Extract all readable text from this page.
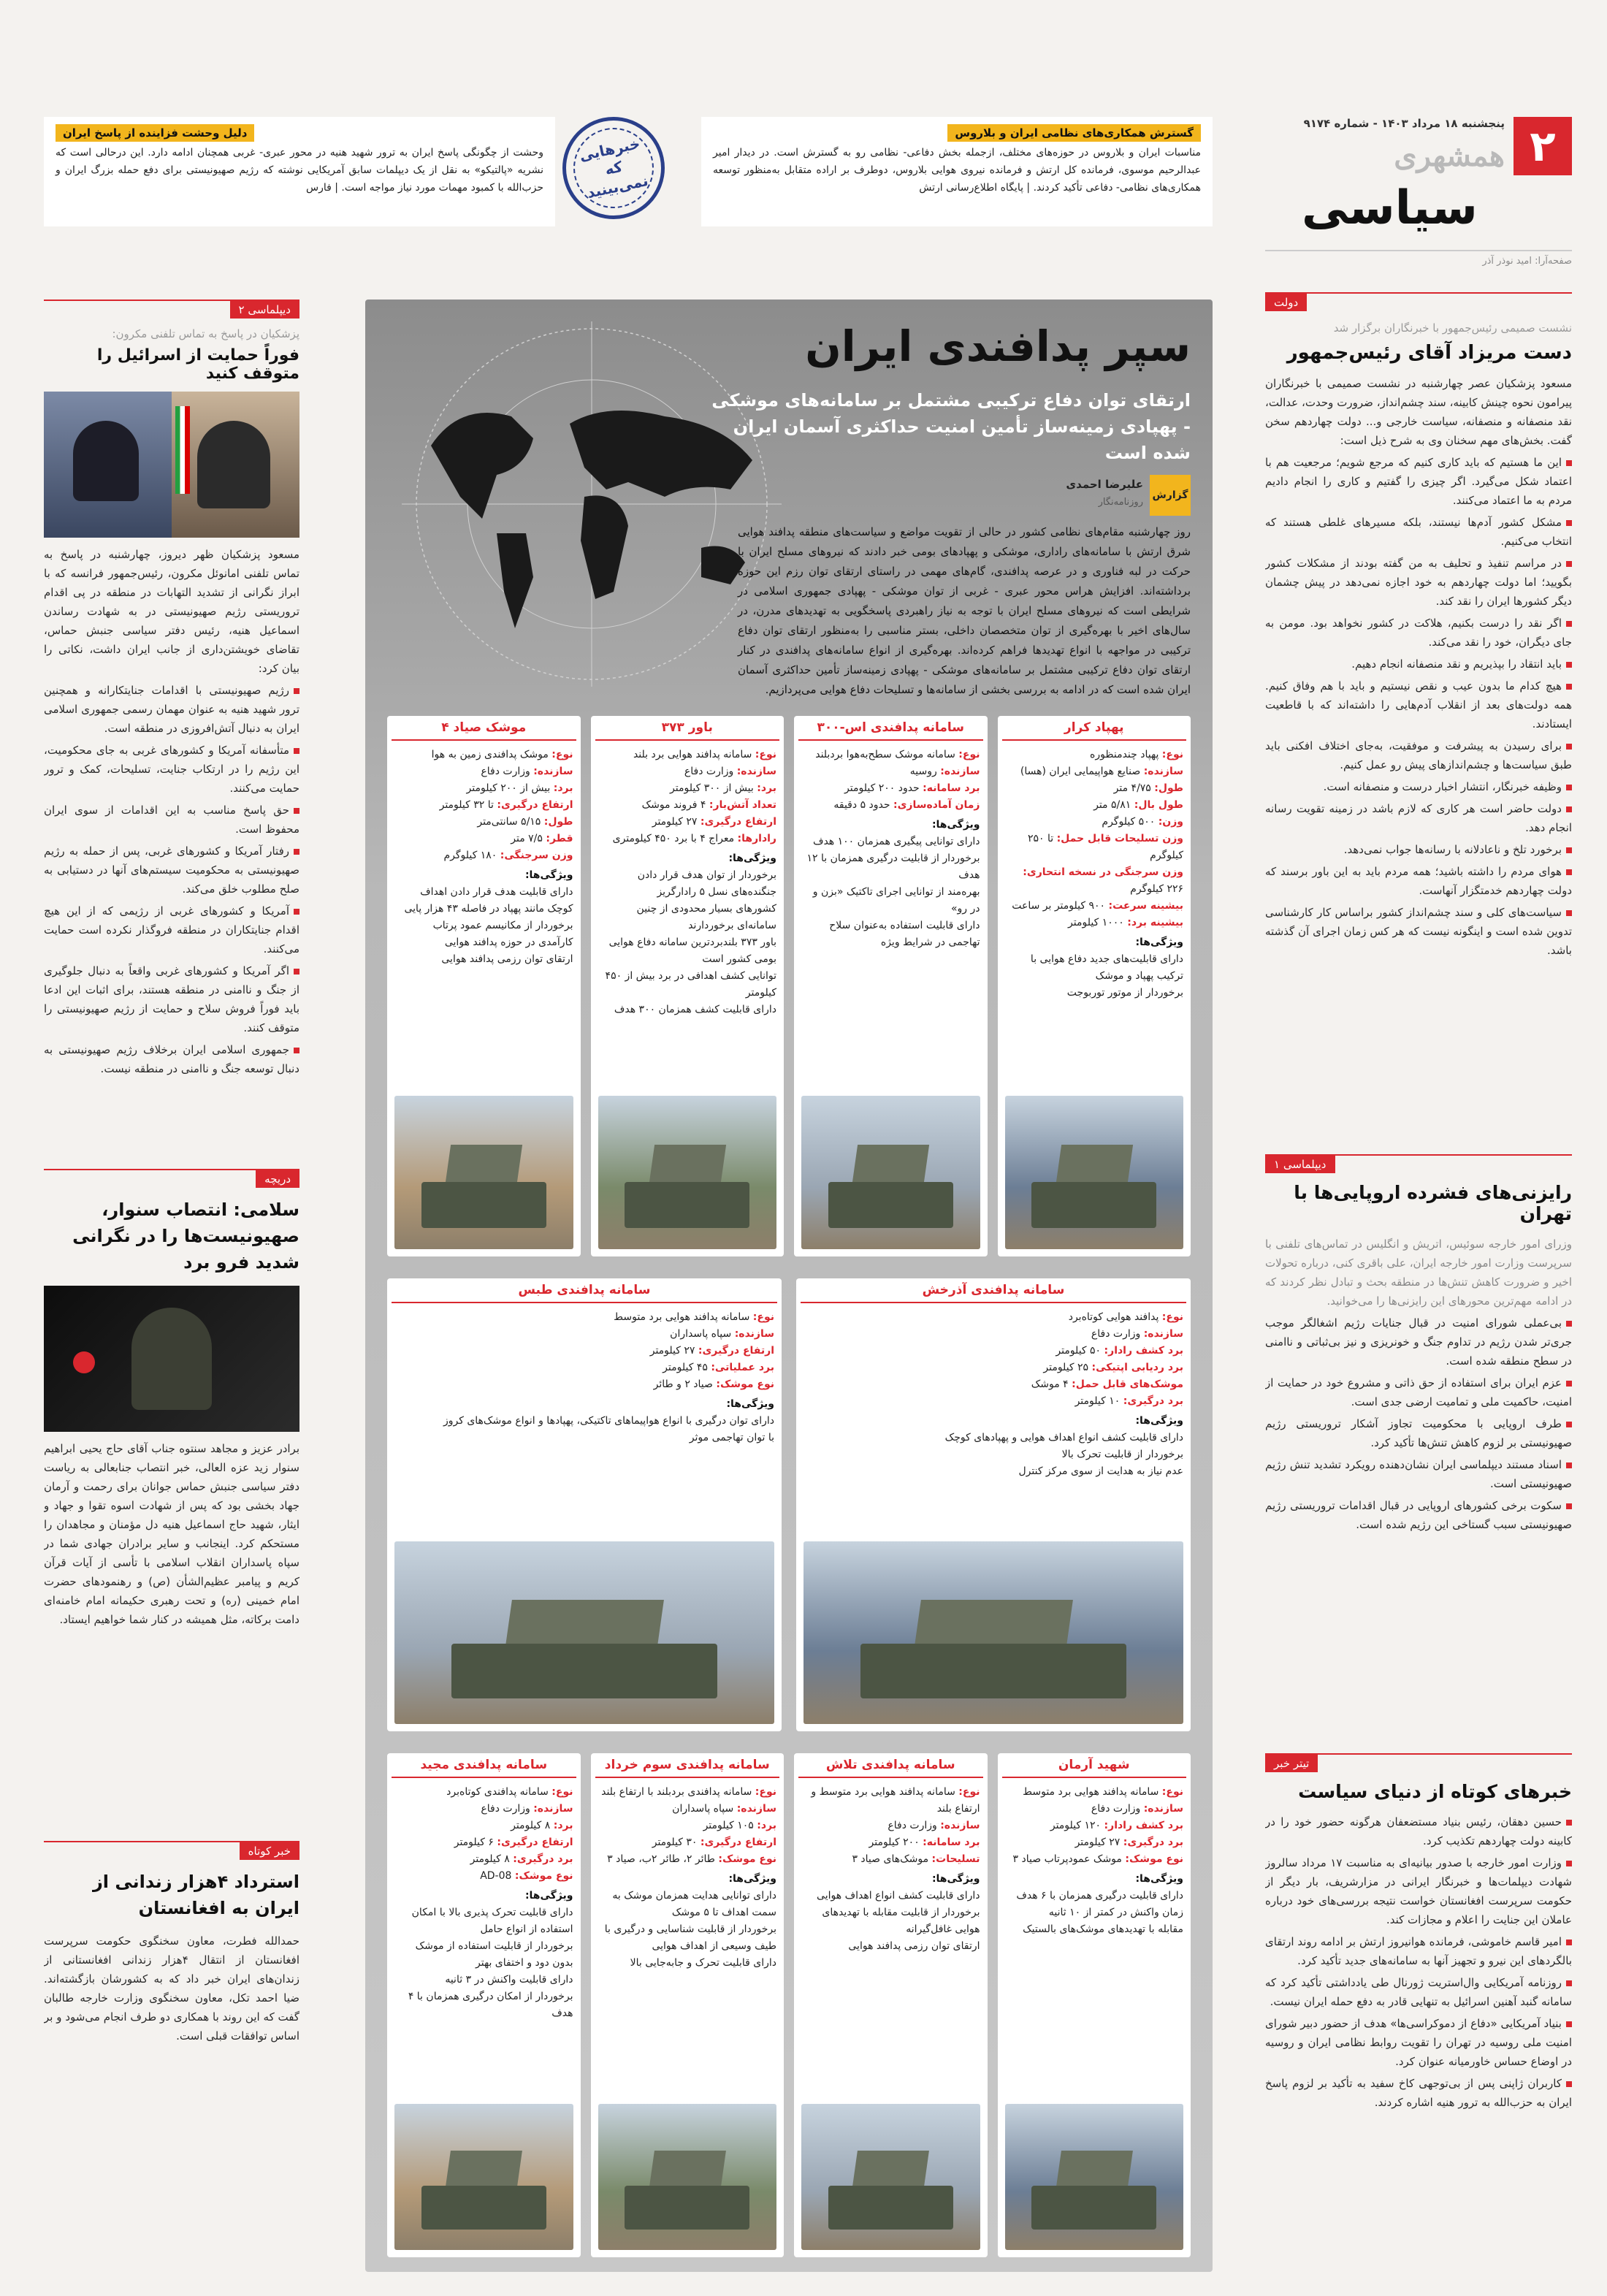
۲
پنجشنبه ۱۸ مرداد ۱۴۰۳ - شماره ۹۱۷۴
همشهری
سیاسی
صفحه‌آرا: امید نوذر آذر
گسترش همکاری‌های نظامی ایران و بلاروس
مناسبات ایران و بلاروس در حوزه‌های مختلف، ازجمله بخش دفاعی- نظامی رو به گسترش است. در دیدار امیر عبدالرحیم موسوی، فرمانده کل ارتش و فرمانده نیروی هوایی بلاروس، دوطرف بر اراده متقابل به‌منظور توسعه همکاری‌های نظامی- دفاعی تأکید کردند. | پایگاه اطلاع‌رسانی ارتش
خبرهایی که نمی‌بینید
دلیل وحشت فزاینده از پاسخ ایران
وحشت از چگونگی پاسخ ایران به ترور شهید هنیه در محور عبری- غربی همچنان ادامه دارد. این درحالی است که نشریه «پالتیکو» به نقل از یک دیپلمات سابق آمریکایی نوشته که رژیم صهیونیستی برای دفع حمله بزرگ ایران و حزب‌الله با کمبود مهمات مورد نیاز مواجه است. | فارس
دولت
نشست صمیمی رئیس‌جمهور با خبرنگاران برگزار شد
دست مریزاد آقای رئیس‌جمهور
مسعود پزشکیان عصر چهارشنبه در نشست صمیمی با خبرنگاران پیرامون نحوه چینش کابینه، سند چشم‌انداز، ضرورت وحدت، عدالت، نقد منصفانه و منصفانه، سیاست خارجی و... دولت چهاردهم سخن گفت. بخش‌های مهم سخنان وی به شرح ذیل است:
این ما هستیم که باید کاری کنیم که مرجع شویم؛ مرجعیت هم با اعتماد شکل می‌گیرد. اگر چیزی را گفتیم و کاری را انجام دادیم مردم به ما اعتماد می‌کنند.
مشکل کشور آدم‌ها نیستند، بلکه مسیرهای غلطی هستند که انتخاب می‌کنیم.
در مراسم تنفیذ و تحلیف به من گفته بودند از مشکلات کشور بگویید؛ اما دولت چهاردهم به خود اجازه نمی‌دهد در پیش چشمان دیگر کشورها ایران را نقد کند.
اگر نقد را درست بکنیم، هلاکت در کشور نخواهد بود. مومن به جای دیگران، خود را نقد می‌کند.
باید انتقاد را بپذیریم و نقد منصفانه انجام دهیم.
هیچ کدام ما بدون عیب و نقص نیستیم و باید با هم وفاق کنیم. همه دولت‌های بعد از انقلاب آدم‌هایی را داشته‌اند که با قاطعیت ایستادند.
برای رسیدن به پیشرفت و موفقیت، به‌جای اختلاف افکنی باید طبق سیاست‌ها و چشم‌اندازهای پیش رو عمل کنیم.
وظیفه خبرنگار، انتشار اخبار درست و منصفانه است.
دولت حاضر است هر کاری که لازم باشد در زمینه تقویت رسانه انجام دهد.
برخورد تلخ و ناعادلانه با رسانه‌ها جواب نمی‌دهد.
هوای مردم را داشته باشید؛ همه مردم باید به این باور برسند که دولت چهاردهم خدمتگزار آنهاست.
سیاست‌های کلی و سند چشم‌انداز کشور براساس کار کارشناسی تدوین شده است و اینگونه نیست که هر کس زمان اجرای آن گذشته باشد.
دیپلماسی ۱
رایزنی‌های فشرده اروپایی‌ها با تهران
وزرای امور خارجه سوئیس، اتریش و انگلیس در تماس‌های تلفنی با سرپرست وزارت امور خارجه ایران، علی باقری کنی، درباره تحولات اخیر و ضرورت کاهش تنش‌ها در منطقه بحث و تبادل نظر کردند که در ادامه مهم‌ترین محورهای این رایزنی‌ها را می‌خوانید.
بی‌عملی شورای امنیت در قبال جنایات رژیم اشغالگر موجب جری‌تر شدن رژیم در تداوم جنگ و خونریزی و نیز بی‌ثباتی و ناامنی در سطح منطقه شده است.
عزم ایران برای استفاده از حق ذاتی و مشروع خود در حمایت از امنیت، حاکمیت ملی و تمامیت ارضی جدی است.
طرف اروپایی با محکومیت تجاوز آشکار تروریستی رژیم صهیونیستی بر لزوم کاهش تنش‌ها تأکید کرد.
اسناد مستند دیپلماسی ایران نشان‌دهنده رویکرد تشدید تنش رژیم صهیونیستی است.
سکوت برخی کشورهای اروپایی در قبال اقدامات تروریستی رژیم صهیونیستی سبب گستاخی این رژیم شده است.
تیتر خبر
خبرهای کوتاه از دنیای سیاست
حسین دهقان، رئیس بنیاد مستضعفان هرگونه حضور خود را در کابینه دولت چهاردهم تکذیب کرد.
وزارت امور خارجه با صدور بیانیه‌ای به مناسبت ۱۷ مرداد سالروز شهادت دیپلمات‌ها و خبرنگار ایرانی در مزارشریف، بار دیگر از حکومت سرپرست افغانستان خواست نتیجه بررسی‌های خود درباره عاملان این جنایت را اعلام و مجازات کند.
امیر قاسم خاموشی، فرمانده هوانیروز ارتش بر ادامه روند ارتقای بالگردهای این نیرو و تجهیز آنها به سامانه‌های جدید تأکید کرد.
روزنامه آمریکایی وال‌استریت ژورنال طی یادداشتی تأکید کرد که سامانه گنبد آهنین اسرائیل به تنهایی قادر به دفع حمله ایران نیست.
بنیاد آمریکایی «دفاع از دموکراسی‌ها» هدف از حضور دبیر شورای امنیت ملی روسیه در تهران را تقویت روابط نظامی ایران و روسیه در اوضاع حساس خاورمیانه عنوان کرد.
کاربران ژاپنی پس از بی‌توجهی کاخ سفید به تأکید بر لزوم پاسخ ایران به حزب‌الله به ترور هنیه اشاره کردند.
دیپلماسی ۲
پزشکیان در پاسخ به تماس تلفنی مکرون:
فوراً حمایت از اسرائیل را متوقف کنید
مسعود پزشکیان ظهر دیروز، چهارشنبه در پاسخ به تماس تلفنی امانوئل مکرون، رئیس‌جمهور فرانسه که با ابراز نگرانی از تشدید التهابات در منطقه در پی اقدام تروریستی رژیم صهیونیستی در به شهادت رساندن اسماعیل هنیه، رئیس دفتر سیاسی جنبش حماس، تقاضای خویشتن‌داری از جانب ایران داشت، نکاتی را بیان کرد:
رژیم صهیونیستی با اقدامات جنایتکارانه و همچنین ترور شهید هنیه به عنوان مهمان رسمی جمهوری اسلامی ایران به دنبال آتش‌افروزی در منطقه است.
متأسفانه آمریکا و کشورهای غربی به جای محکومیت، این رژیم را در ارتکاب جنایت، تسلیحات، کمک و ترور حمایت می‌کنند.
حق پاسخ مناسب به این اقدامات از سوی ایران محفوظ است.
رفتار آمریکا و کشورهای غربی، پس از حمله به رژیم صهیونیستی به محکومیت سیستم‌های آنها در دستیابی به صلح مطلوب خلق می‌کند.
آمریکا و کشورهای غربی از رژیمی که از این هیچ اقدام جنایتکاران در منطقه فروگذار نکرده است حمایت می‌کنند.
اگر آمریکا و کشورهای غربی واقعاً به دنبال جلوگیری از جنگ و ناامنی در منطقه هستند، برای اثبات این ادعا باید فوراً فروش سلاح و حمایت از رژیم صهیونیستی را متوقف کنند.
جمهوری اسلامی ایران برخلاف رژیم صهیونیستی به دنبال توسعه جنگ و ناامنی در منطقه نیست.
دریچه
سلامی: انتصاب سنوار، صهیونیست‌ها را در نگرانی شدید فرو برد
برادر عزیز و مجاهد سنتوه جناب آقای حاج یحیی ابراهیم سنوار زید عزه العالی، خبر انتصاب جنابعالی به ریاست دفتر سیاسی جنبش حماس جوانان برای رحمت و آرمان جهاد بخشی بود که پس از شهادت اسوه تقوا و جهاد و ایثار، شهید حاج اسماعیل هنیه دل مؤمنان و مجاهدان را مستحکم کرد. اینجانب و سایر برادران جهادی شما در سپاه پاسداران انقلاب اسلامی با تأسی از آیات قرآن کریم و پیامبر عظیم‌الشأن (ص) و رهنمودهای حضرت امام خمینی (ره) و تحت رهبری حکیمانه امام خامنه‌ای دامت برکاته، مثل همیشه در کنار شما خواهیم ایستاد.
خبر کوتاه
استرداد ۴هزار زندانی از ایران به افغانستان
حمدالله فطرت، معاون سخنگوی حکومت سرپرست افغانستان از انتقال ۴هزار زندانی افغانستانی از زندان‌های ایران خبر داد که به کشورشان بازگشته‌اند. ضیا احمد تکل، معاون سخنگوی وزارت خارجه طالبان گفت که این روند با همکاری دو طرف انجام می‌شود و بر اساس توافقات قبلی است.
سپر پدافندی ایران
ارتقای توان دفاع ترکیبی مشتمل بر سامانه‌های موشکی - پهپادی زمینه‌ساز تأمین امنیت حداکثری آسمان ایران شده است
گزارش
علیرضا احمدی
روزنامه‌نگار
روز چهارشنبه مقام‌های نظامی کشور در حالی از تقویت مواضع و سیاست‌های منطقه پدافند هوایی شرق ارتش با سامانه‌های راداری، موشکی و پهپادهای بومی خبر دادند که نیروهای مسلح ایران با حرکت در لبه فناوری و در عرصه پدافندی، گام‌های مهمی در راستای ارتقای توان رزم این حوزه برداشته‌اند. افزایش هراس محور عبری - غربی از توان موشکی - پهپادی جمهوری اسلامی در شرایطی است که نیروهای مسلح ایران با توجه به نیاز راهبردی پاسخگویی به تهدیدهای مدرن، در سال‌های اخیر با بهره‌گیری از توان متخصصان داخلی، بستر مناسبی را به‌منظور ارتقای توان دفاع ترکیبی در مواجهه با انواع تهدیدها فراهم کرده‌اند. بهره‌گیری از انواع سامانه‌های پدافندی در کنار ارتقای توان دفاع ترکیبی مشتمل بر سامانه‌های موشکی - پهپادی زمینه‌ساز تأمین حداکثری آسمان ایران شده است که در ادامه به بررسی بخشی از سامانه‌ها و تسلیحات دفاع هوایی می‌پردازیم.
پهپاد کرار
نوع: پهپاد چندمنظوره
سازنده: صنایع هواپیمایی ایران (هسا)
طول: ۴/۷۵ متر
طول بال: ۵/۸۱ متر
وزن: ۵۰۰ کیلوگرم
وزن تسلیحات قابل حمل: تا ۲۵۰ کیلوگرم
وزن سرجنگی در نسخه انتحاری: ۲۲۶ کیلوگرم
بیشینه سرعت: ۹۰۰ کیلومتر بر ساعت
بیشینه برد: ۱۰۰۰ کیلومتر
ویژگی‌ها:
دارای قابلیت‌های جدید دفاع هوایی با ترکیب پهپاد و موشک
برخوردار از موتور توربوجت
سامانه پدافندی اس-۳۰۰
نوع: سامانه موشک سطح‌به‌هوا بردبلند
سازنده: روسیه
برد سامانه: حدود ۲۰۰ کیلومتر
زمان آماده‌سازی: حدود ۵ دقیقه
ویژگی‌ها:
دارای توانایی پیگیری همزمان ۱۰۰ هدف
برخوردار از قابلیت درگیری همزمان با ۱۲ هدف
بهره‌مند از توانایی اجرای تاکتیک «بزن و در رو»
دارای قابلیت استفاده به‌عنوان سلاح تهاجمی در شرایط ویژه
باور ۳۷۳
نوع: سامانه پدافند هوایی برد بلند
سازنده: وزارت دفاع
برد: بیش از ۳۰۰ کیلومتر
تعداد آتش‌بار: ۴ فروند موشک
ارتفاع درگیری: ۲۷ کیلومتر
رادارها: معراج ۴ با برد ۴۵۰ کیلومتری
ویژگی‌ها:
برخوردار از توان هدف قرار دادن جنگنده‌های نسل ۵ رادارگریز
کشورهای بسیار محدودی از چنین سامانه‌ای برخوردارند
باور ۳۷۳ بلندبردترین سامانه دفاع هوایی بومی کشور است
توانایی کشف اهدافی در برد بیش از ۴۵۰ کیلومتر
دارای قابلیت کشف همزمان ۳۰۰ هدف
موشک صیاد ۴
نوع: موشک پدافندی زمین به هوا
سازنده: وزارت دفاع
برد: بیش از ۲۰۰ کیلومتر
ارتفاع درگیری: تا ۳۲ کیلومتر
طول: ۵/۱۵ سانتی‌متر
قطر: ۷/۵ متر
وزن سرجنگی: ۱۸۰ کیلوگرم
ویژگی‌ها:
دارای قابلیت هدف قرار دادن اهداف کوچک مانند پهپاد در فاصله ۴۳ هزار پایی
برخوردار از مکانیسم عمود پرتاب
کارآمدی در حوزه پدافند هوایی
ارتقای توان رزمی پدافند هوایی
سامانه پدافندی آذرخش
نوع: پدافند هوایی کوتاه‌برد
سازنده: وزارت دفاع
برد کشف رادار: ۵۰ کیلومتر
برد ردیابی اپتیکی: ۲۵ کیلومتر
موشک‌های قابل حمل: ۴ موشک
برد درگیری: ۱۰ کیلومتر
ویژگی‌ها:
دارای قابلیت کشف انواع اهداف هوایی و پهپادهای کوچک
برخوردار از قابلیت تحرک بالا
عدم نیاز به هدایت از سوی مرکز کنترل
سامانه پدافندی طبس
نوع: سامانه پدافند هوایی برد متوسط
سازنده: سپاه پاسداران
ارتفاع درگیری: ۲۷ کیلومتر
برد عملیاتی: ۴۵ کیلومتر
نوع موشک: صیاد ۲ و طائر
ویژگی‌ها:
دارای توان درگیری با انواع هواپیماهای تاکتیکی، پهپادها و انواع موشک‌های کروز
با توان تهاجمی موثر
شهید آرمان
نوع: سامانه پدافند هوایی برد متوسط
سازنده: وزارت دفاع
برد کشف رادار: ۱۲۰ کیلومتر
برد درگیری: ۲۷ کیلومتر
نوع موشک: موشک عمودپرتاب صیاد ۳
ویژگی‌ها:
دارای قابلیت درگیری همزمان با ۶ هدف
زمان واکنش در کمتر از ۱۰ ثانیه
مقابله با تهدیدهای موشک‌های بالستیک
سامانه پدافندی تلاش
نوع: سامانه پدافند هوایی برد متوسط و ارتفاع بلند
سازنده: وزارت دفاع
برد سامانه: ۲۰۰ کیلومتر
تسلیحات: موشک‌های صیاد ۳
ویژگی‌ها:
دارای قابلیت کشف انواع اهداف هوایی
برخوردار از قابلیت مقابله با تهدیدهای هوایی غافل‌گیرانه
ارتقای توان رزمی پدافند هوایی
سامانه پدافندی سوم خرداد
نوع: سامانه پدافندی بردبلند با ارتفاع بلند
سازنده: سپاه پاسداران
برد: ۱۰۵ کیلومتر
ارتفاع درگیری: ۳۰ کیلومتر
نوع موشک: طائر ۲، طائر ۲ب، صیاد ۳
ویژگی‌ها:
دارای توانایی هدایت همزمان موشک به سمت اهداف تا ۵ موشک
برخوردار از قابلیت شناسایی و درگیری با طیف وسیعی از اهداف هوایی
دارای قابلیت تحرک و جابه‌جایی بالا
سامانه پدافندی مجید
نوع: سامانه پدافندی کوتاه‌برد
سازنده: وزارت دفاع
برد: ۸ کیلومتر
ارتفاع درگیری: ۶ کیلومتر
برد درگیری: ۸ کیلومتر
نوع موشک: AD-08
ویژگی‌ها:
دارای قابلیت تحرک پذیری بالا با امکان استفاده از انواع حامل
برخوردار از قابلیت استفاده از موشک بدون دود و اختفای بهتر
دارای قابلیت واکنش در ۳ ثانیه
برخوردار از امکان درگیری همزمان با ۴ هدف
